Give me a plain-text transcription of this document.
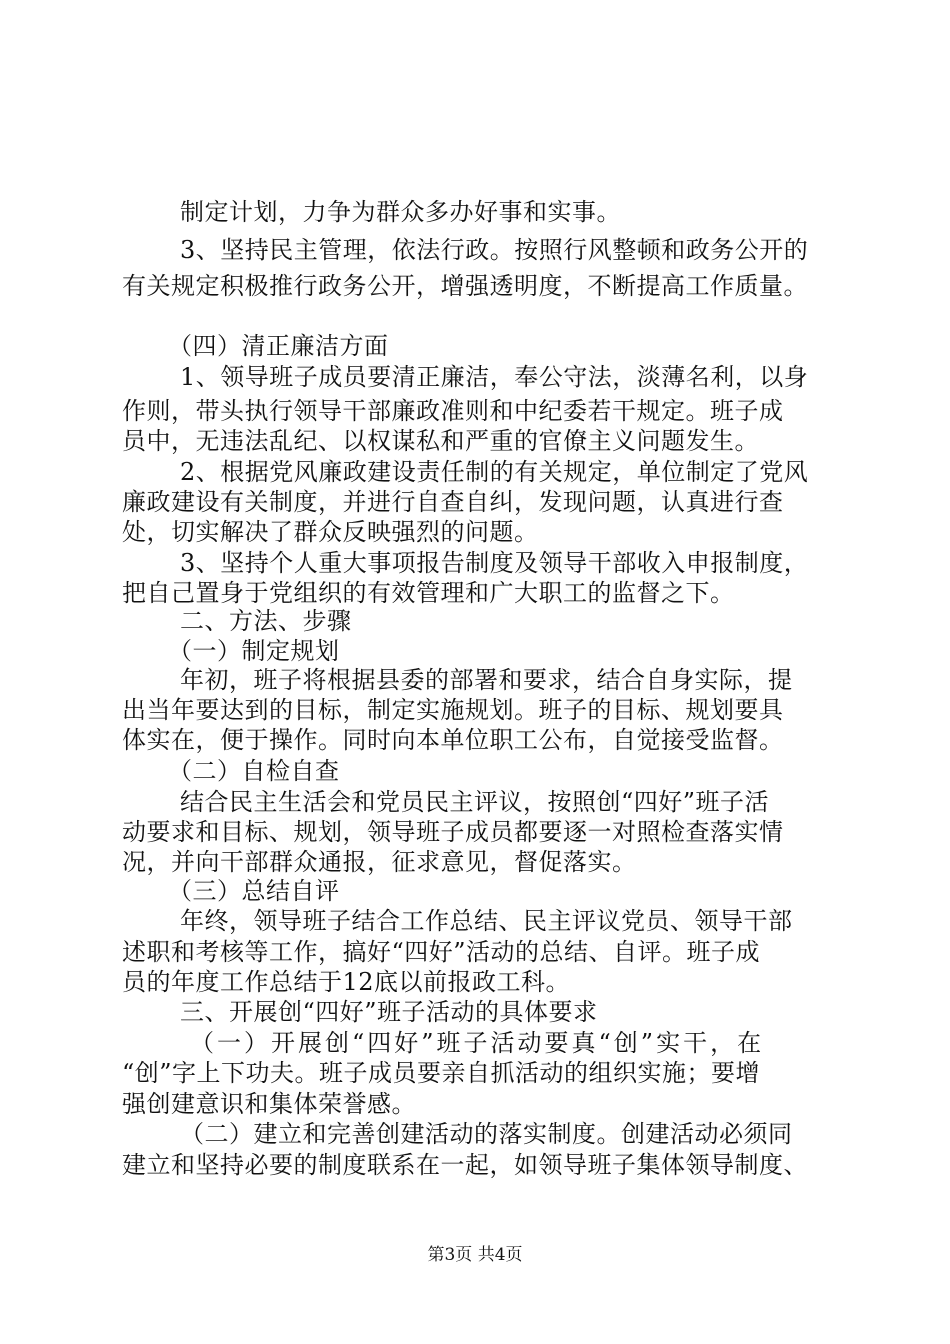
制定计划，力争为群众多办好事和实事。
3、坚持民主管理，依法行政。按照行风整顿和政务公开的
有关规定积极推行政务公开，增强透明度，不断提高工作质量。
（四）清正廉洁方面
1、领导班子成员要清正廉洁，奉公守法，淡薄名利，以身
作则，带头执行领导干部廉政准则和中纪委若干规定。班子成
员中，无违法乱纪、以权谋私和严重的官僚主义问题发生。
2、根据党风廉政建设责任制的有关规定，单位制定了党风
廉政建设有关制度，并进行自查自纠，发现问题，认真进行查
处，切实解决了群众反映强烈的问题。
3、坚持个人重大事项报告制度及领导干部收入申报制度，
把自己置身于党组织的有效管理和广大职工的监督之下。
二、方法、步骤
（一）制定规划
年初，班子将根据县委的部署和要求，结合自身实际，提
出当年要达到的目标，制定实施规划。班子的目标、规划要具
体实在，便于操作。同时向本单位职工公布，自觉接受监督。
（二）自检自查
结合民主生活会和党员民主评议，按照创“四好”班子活
动要求和目标、规划，领导班子成员都要逐一对照检查落实情
况，并向干部群众通报，征求意见，督促落实。
（三）总结自评
年终，领导班子结合工作总结、民主评议党员、领导干部
述职和考核等工作，搞好“四好”活动的总结、自评。班子成
员的年度工作总结于12底以前报政工科。
三、开展创“四好”班子活动的具体要求
（一）开展创“四好”班子活动要真“创”实干，在
“创”字上下功夫。班子成员要亲自抓活动的组织实施；要增
强创建意识和集体荣誉感。
（二）建立和完善创建活动的落实制度。创建活动必须同
建立和坚持必要的制度联系在一起，如领导班子集体领导制度、
第3页 共4页
